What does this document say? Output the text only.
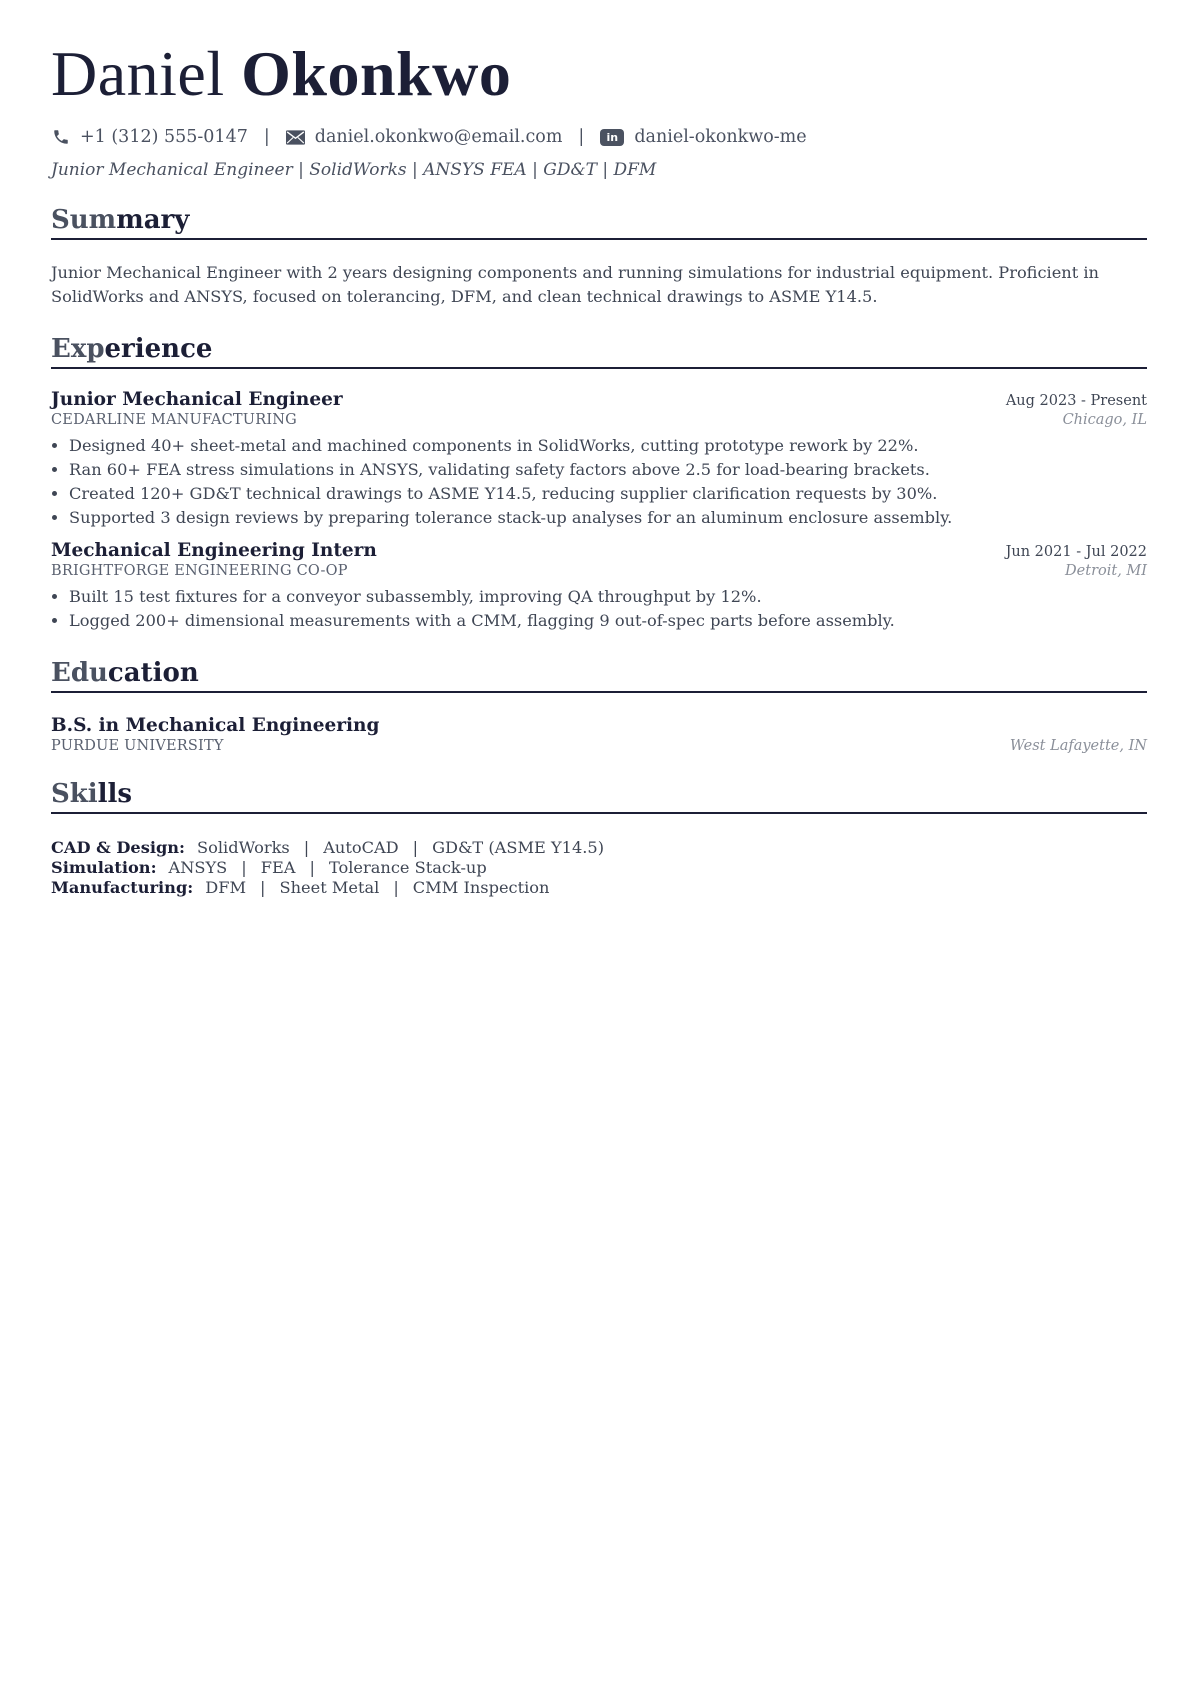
Daniel Okonkwo
+1 (312) 555-0147 |	daniel.okonkwo@email.com |	in daniel-okonkwo-me
Junior Mechanical Engineer | SolidWorks | ANSYS FEA | GD&T | DFM
Summary
Junior Mechanical Engineer with 2 years designing components and running simulations for industrial equipment. Proficient in SolidWorks and ANSYS, focused on tolerancing, DFM, and clean technical drawings to ASME Y14.5.
Experience
Junior Mechanical Engineer	Aug 2023 - Present
CEDARLINE MANUFACTURING	Chicago, IL
• Designed 40+ sheet-metal and machined components in SolidWorks, cutting prototype rework by 22%.
• Ran 60+ FEA stress simulations in ANSYS, validating safety factors above 2.5 for load-bearing brackets.
• Created 120+ GD&T technical drawings to ASME Y14.5, reducing supplier clarification requests by 30%.
• Supported 3 design reviews by preparing tolerance stack-up analyses for an aluminum enclosure assembly.
Mechanical Engineering Intern	Jun 2021 - Jul 2022
BRIGHTFORGE ENGINEERING CO-OP	Detroit, MI
• Built 15 test fixtures for a conveyor subassembly, improving QA throughput by 12%.
• Logged 200+ dimensional measurements with a CMM, flagging 9 out-of-spec parts before assembly.
Education
B.S. in Mechanical Engineering
PURDUE UNIVERSITY	West Lafayette, IN
Skills
CAD & Design: SolidWorks | AutoCAD | GD&T (ASME Y14.5)
Simulation: ANSYS | FEA | Tolerance Stack-up
Manufacturing: DFM | Sheet Metal | CMM Inspection
